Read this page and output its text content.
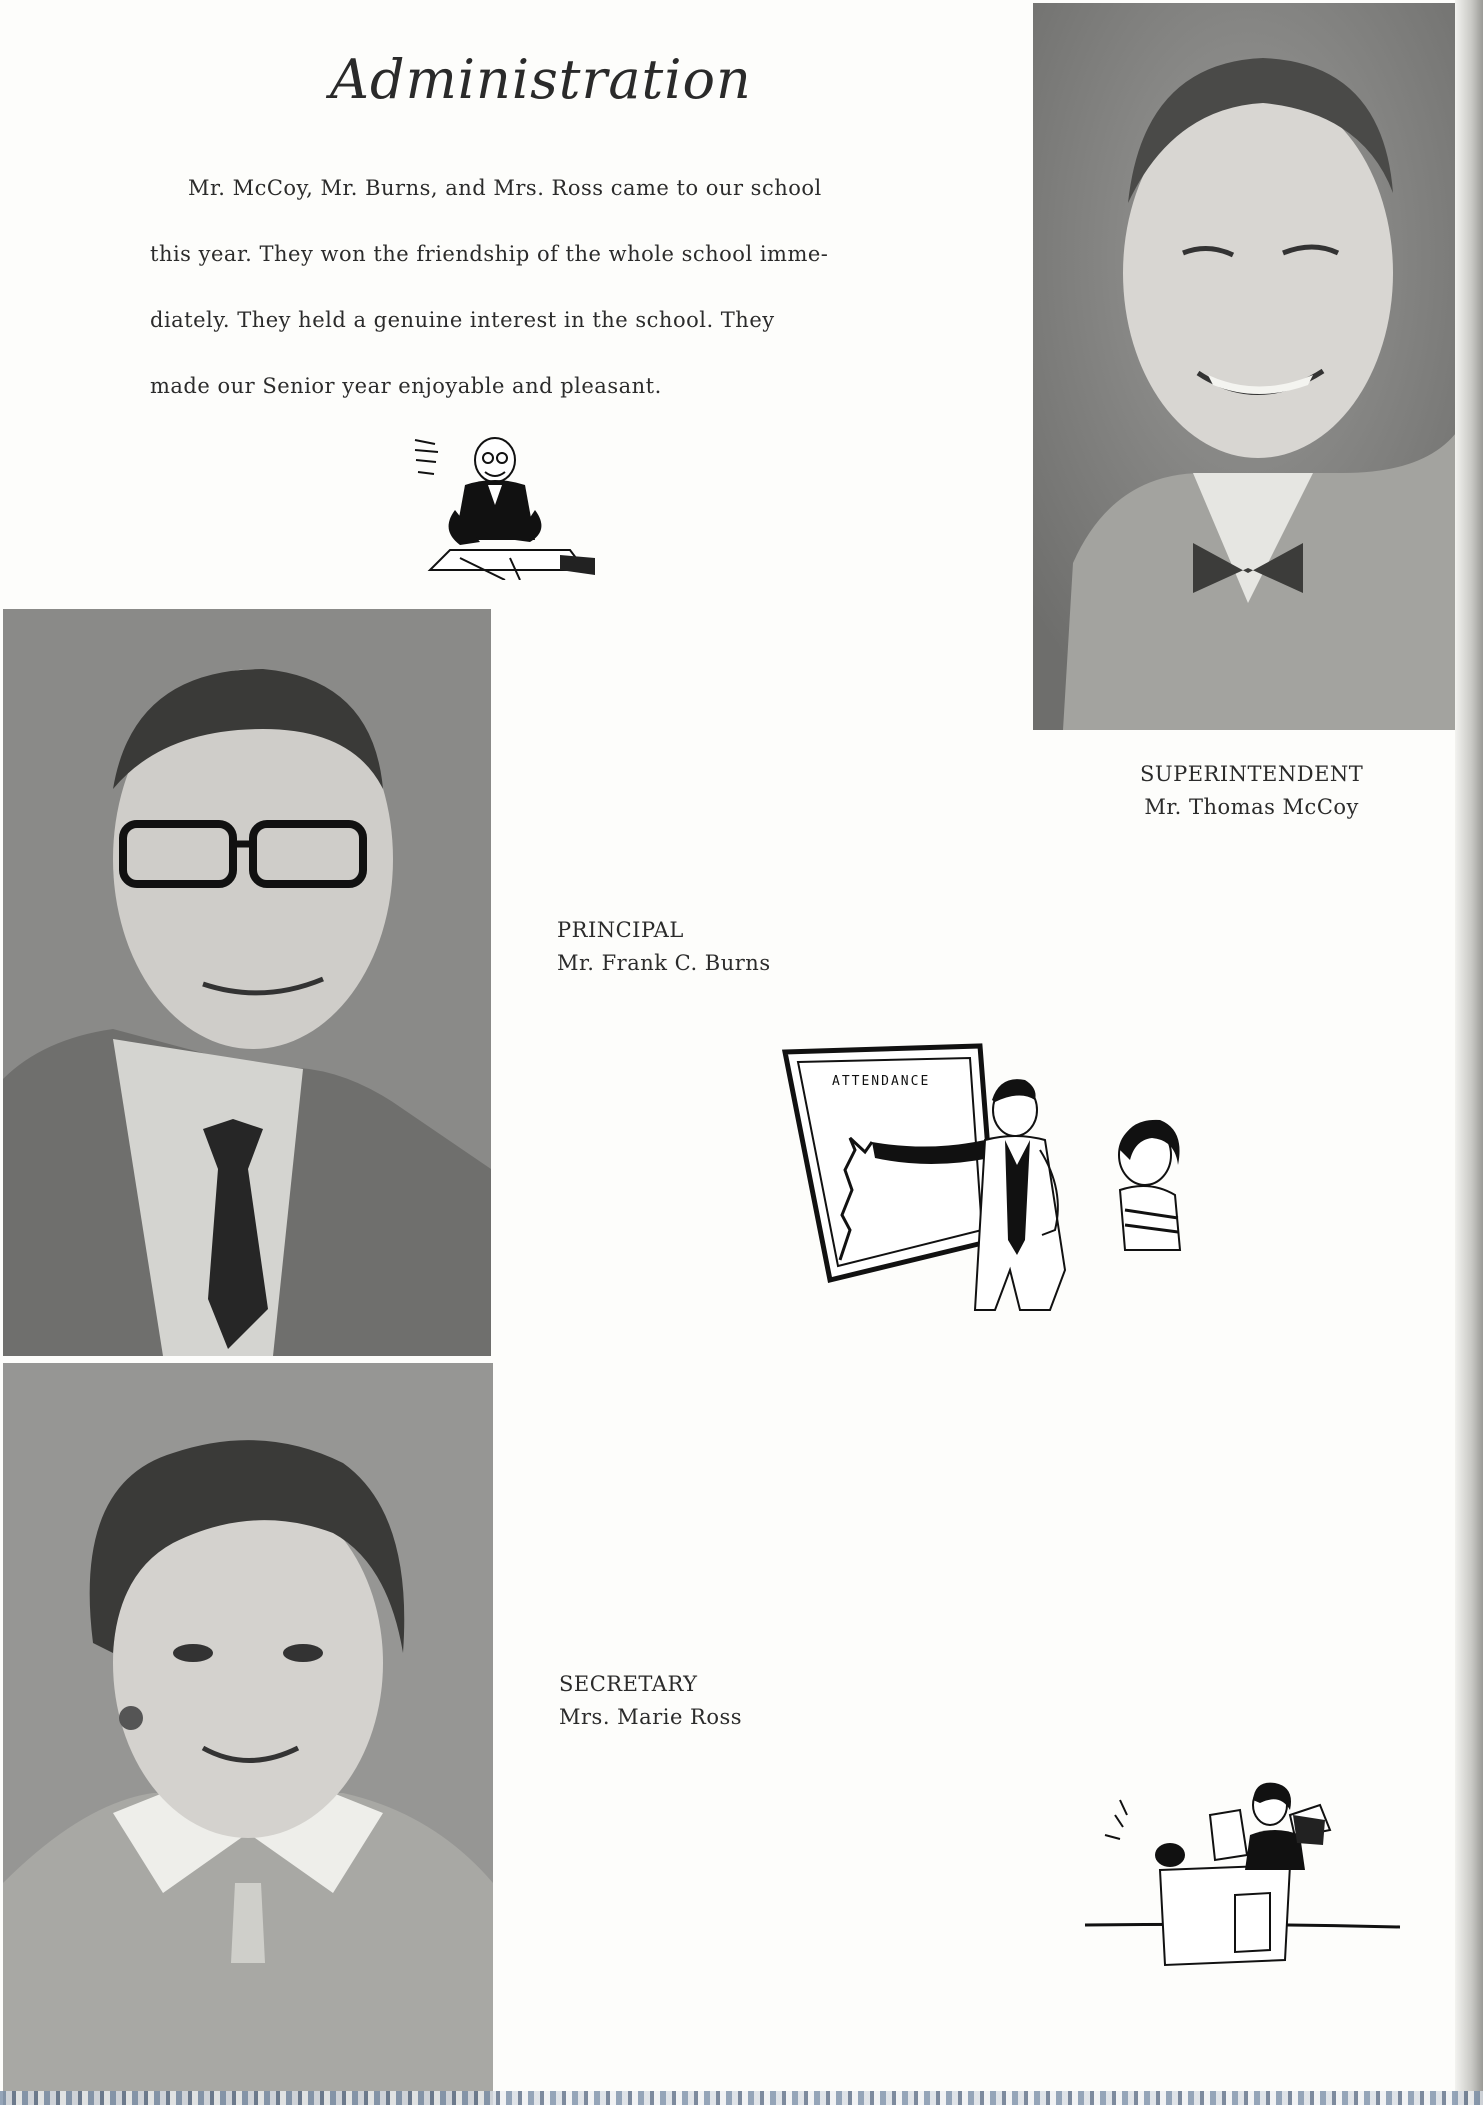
Administration

Mr. McCoy, Mr. Burns, and Mrs. Ross came to our school

this year. They won the friendship of the whole school imme-

diately. They held a genuine interest in the school. They

made our Senior year enjoyable and pleasant.

SUPERINTENDENT
Mr. Thomas McCoy
PRINCIPAL
Mr. Frank C. Burns
ATTENDANCE
SECRETARY
Mrs. Marie Ross
